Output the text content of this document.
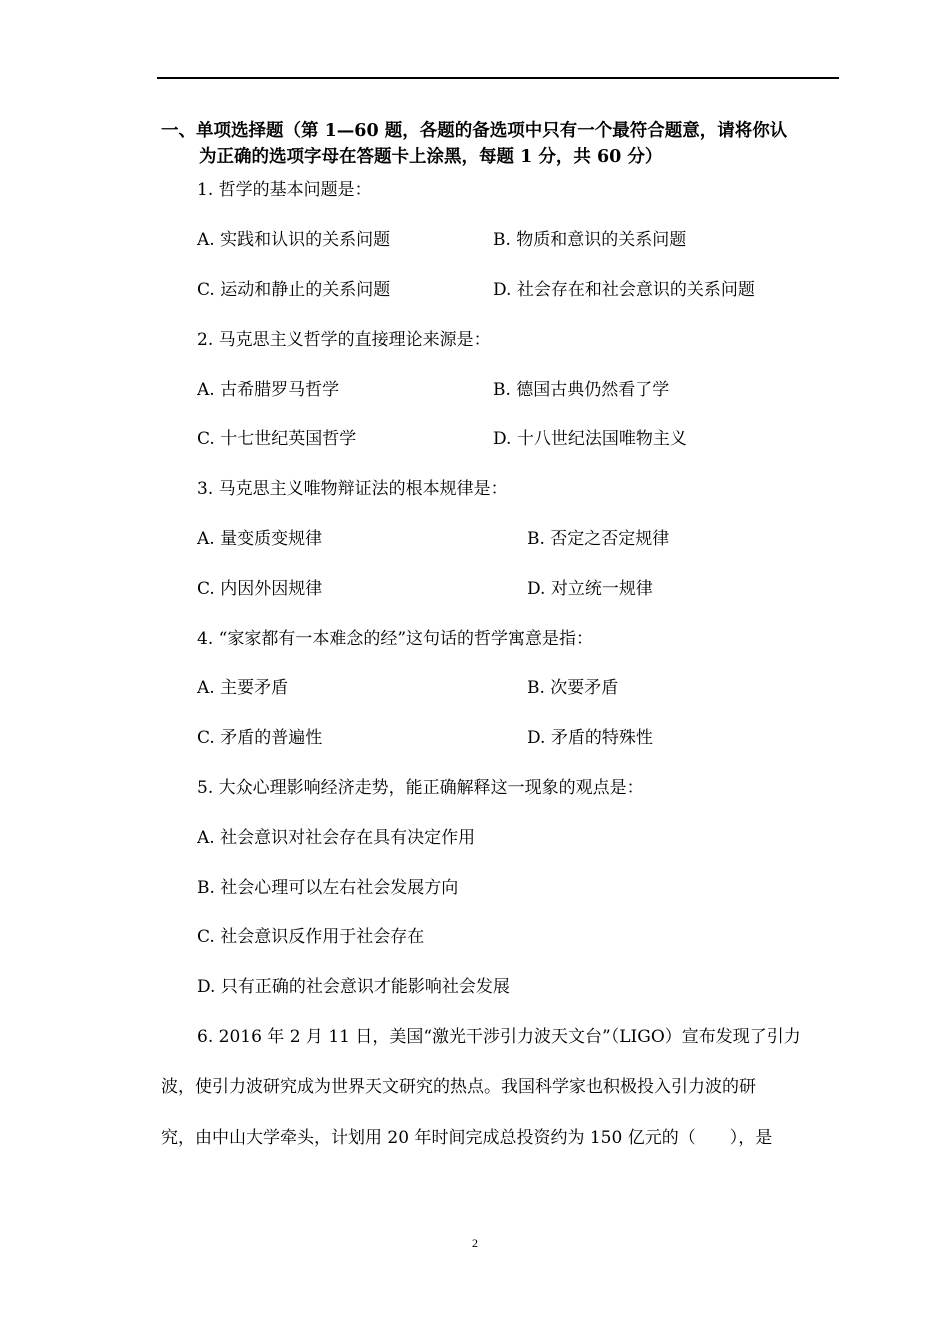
一、单项选择题（第 1—60 题，各题的备选项中只有一个最符合题意，请将你认
为正确的选项字母在答题卡上涂黑，每题 1 分，共 60 分）
1. 哲学的基本问题是：
A. 实践和认识的关系问题	B. 物质和意识的关系问题
C. 运动和静止的关系问题	D. 社会存在和社会意识的关系问题
2. 马克思主义哲学的直接理论来源是：
A. 古希腊罗马哲学	B. 德国古典仍然看了学
C. 十七世纪英国哲学	D. 十八世纪法国唯物主义
3. 马克思主义唯物辩证法的根本规律是：
A. 量变质变规律	B. 否定之否定规律
C. 内因外因规律	D. 对立统一规律
4. “家家都有一本难念的经”这句话的哲学寓意是指：
A. 主要矛盾	B. 次要矛盾
C. 矛盾的普遍性	D. 矛盾的特殊性
5. 大众心理影响经济走势，能正确解释这一现象的观点是：
A. 社会意识对社会存在具有决定作用
B. 社会心理可以左右社会发展方向
C. 社会意识反作用于社会存在
D. 只有正确的社会意识才能影响社会发展
6. 2016 年 2 月 11 日，美国“激光干涉引力波天文台”（LIGO）宣布发现了引力
波，使引力波研究成为世界天文研究的热点。我国科学家也积极投入引力波的研
究，由中山大学牵头，计划用 20 年时间完成总投资约为 150 亿元的（　　），是
2
